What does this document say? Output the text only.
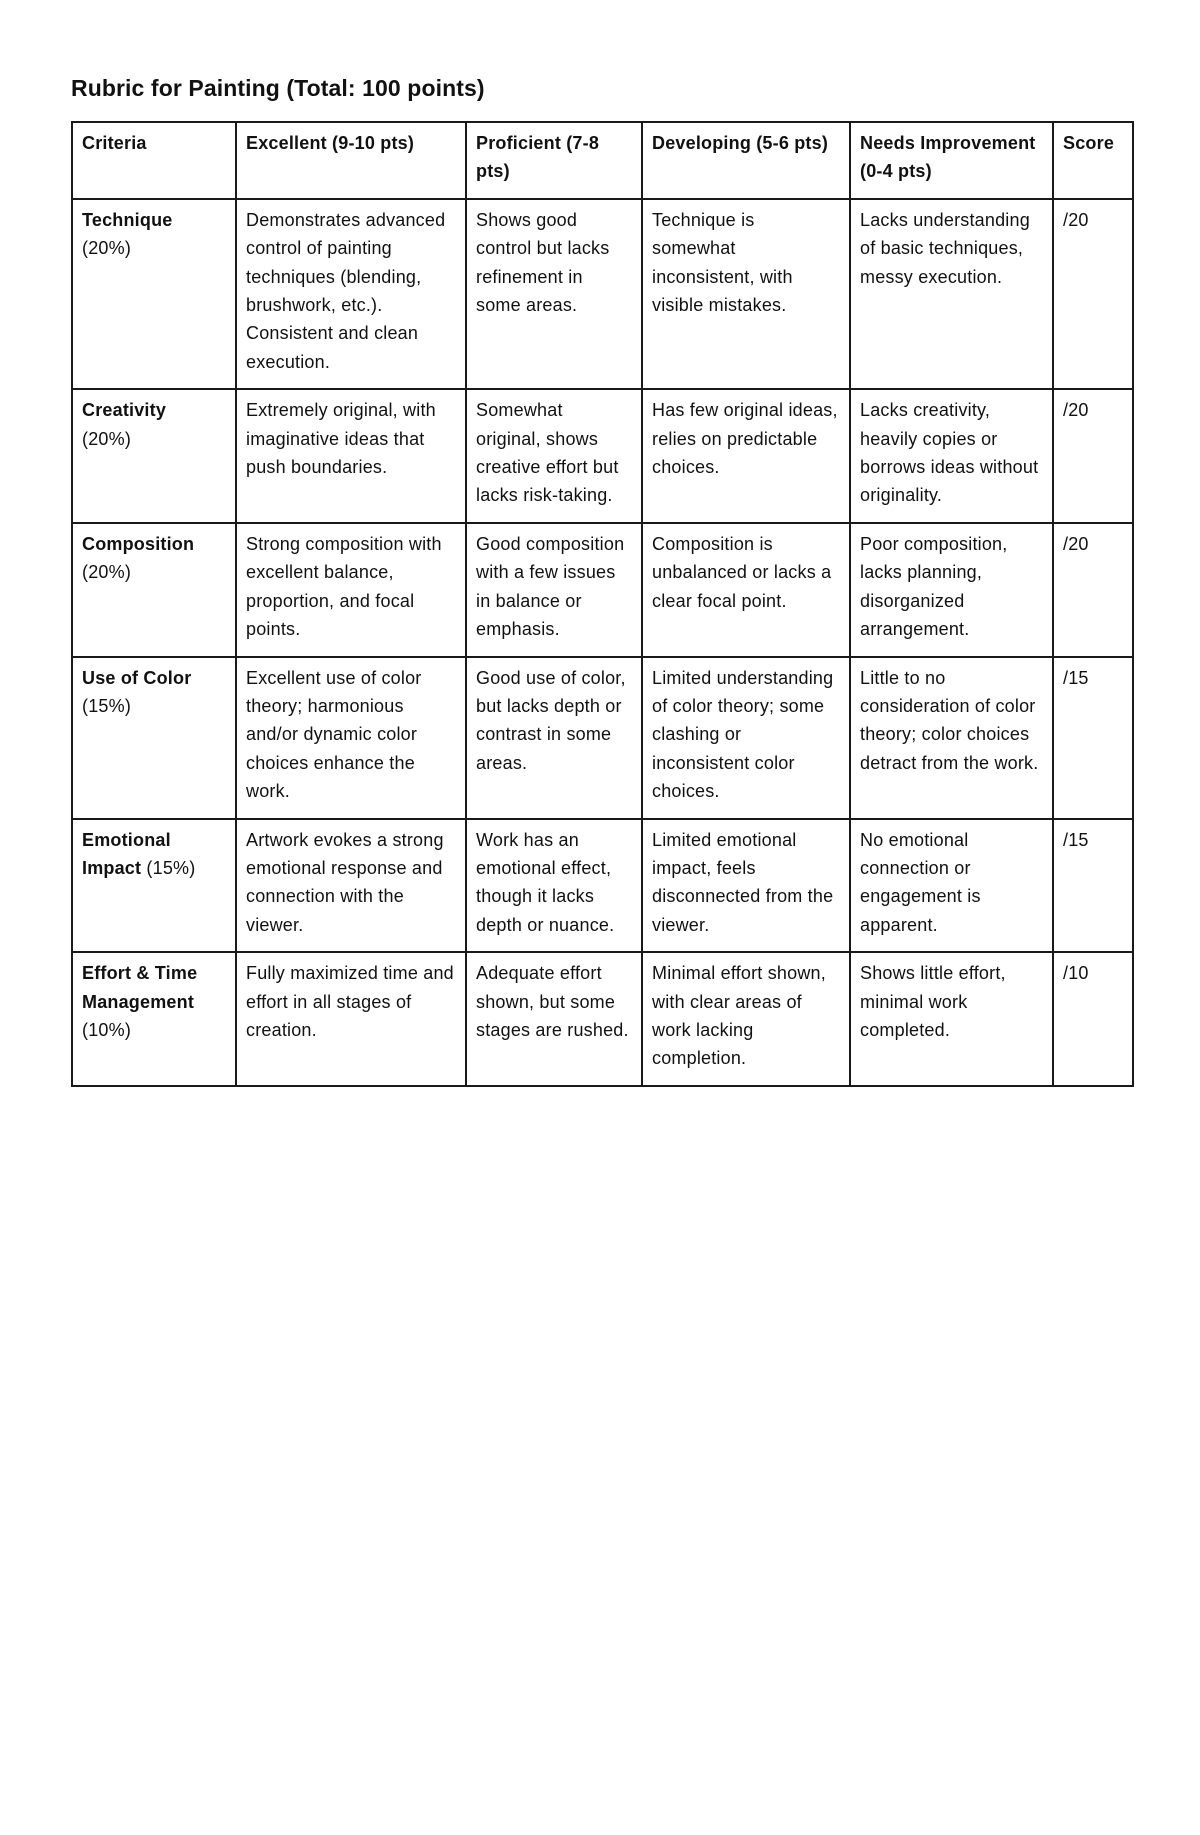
Rubric for Painting (Total: 100 points)
Criteria	Excellent (9-10 pts)	Proficient (7-8 pts)	Developing (5-6 pts)	Needs Improvement (0-4 pts)	Score
Technique
(20%)	Demonstrates advanced control of painting techniques (blending, brushwork, etc.). Consistent and clean execution.	Shows good control but lacks refinement in some areas.	Technique is somewhat inconsistent, with visible mistakes.	Lacks understanding of basic techniques, messy execution.	/20
Creativity
(20%)	Extremely original, with imaginative ideas that push boundaries.	Somewhat original, shows creative effort but lacks risk-taking.	Has few original ideas, relies on predictable choices.	Lacks creativity, heavily copies or borrows ideas without originality.	/20
Composition
(20%)	Strong composition with excellent balance, proportion, and focal points.	Good composition with a few issues in balance or emphasis.	Composition is unbalanced or lacks a clear focal point.	Poor composition, lacks planning, disorganized arrangement.	/20
Use of Color
(15%)	Excellent use of color theory; harmonious and/or dynamic color choices enhance the work.	Good use of color, but lacks depth or contrast in some areas.	Limited understanding of color theory; some clashing or inconsistent color choices.	Little to no consideration of color theory; color choices detract from the work.	/15
Emotional Impact (15%)	Artwork evokes a strong emotional response and connection with the viewer.	Work has an emotional effect, though it lacks depth or nuance.	Limited emotional impact, feels disconnected from the viewer.	No emotional connection or engagement is apparent.	/15
Effort & Time Management
(10%)	Fully maximized time and effort in all stages of creation.	Adequate effort shown, but some stages are rushed.	Minimal effort shown, with clear areas of work lacking completion.	Shows little effort, minimal work completed.	/10
